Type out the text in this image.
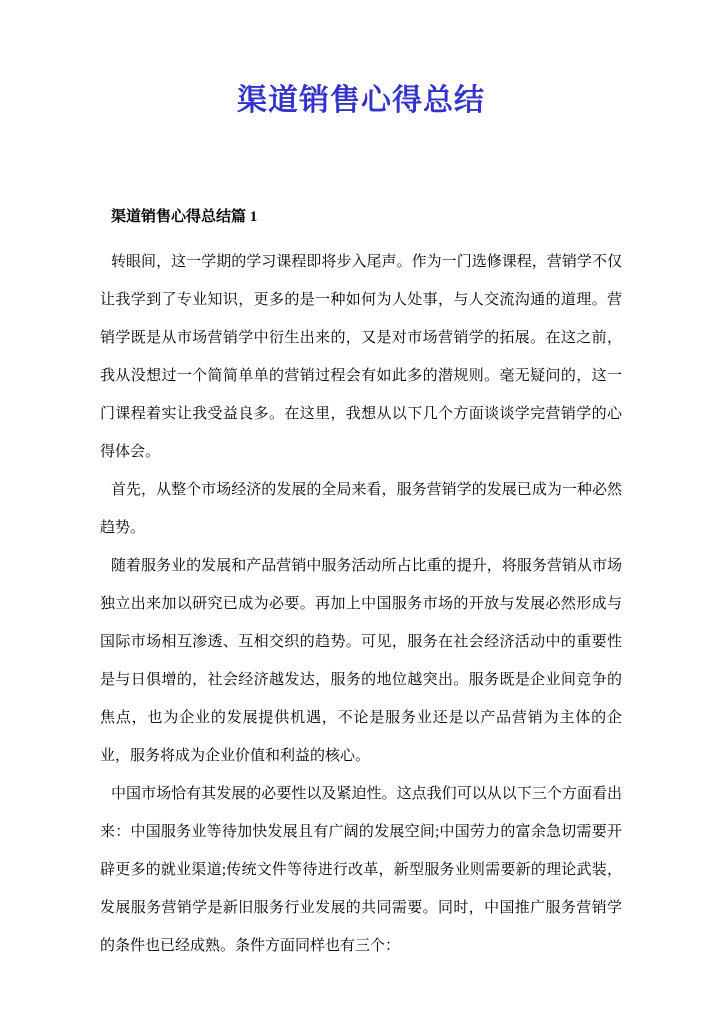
渠道销售心得总结
渠道销售心得总结篇 1

转眼间，这一学期的学习课程即将步入尾声。作为一门选修课程，营销学不仅让我学到了专业知识，更多的是一种如何为人处事，与人交流沟通的道理。营销学既是从市场营销学中衍生出来的，又是对市场营销学的拓展。在这之前，我从没想过一个简简单单的营销过程会有如此多的潜规则。毫无疑问的，这一门课程着实让我受益良多。在这里，我想从以下几个方面谈谈学完营销学的心得体会。

首先，从整个市场经济的发展的全局来看，服务营销学的发展已成为一种必然趋势。

随着服务业的发展和产品营销中服务活动所占比重的提升，将服务营销从市场独立出来加以研究已成为必要。再加上中国服务市场的开放与发展必然形成与国际市场相互渗透、互相交织的趋势。可见，服务在社会经济活动中的重要性是与日俱增的，社会经济越发达，服务的地位越突出。服务既是企业间竞争的焦点，也为企业的发展提供机遇，不论是服务业还是以产品营销为主体的企业，服务将成为企业价值和利益的核心。

中国市场恰有其发展的必要性以及紧迫性。这点我们可以从以下三个方面看出来：中国服务业等待加快发展且有广阔的发展空间;中国劳力的富余急切需要开辟更多的就业渠道;传统文件等待进行改革，新型服务业则需要新的理论武装，发展服务营销学是新旧服务行业发展的共同需要。同时，中国推广服务营销学的条件也已经成熟。条件方面同样也有三个：
